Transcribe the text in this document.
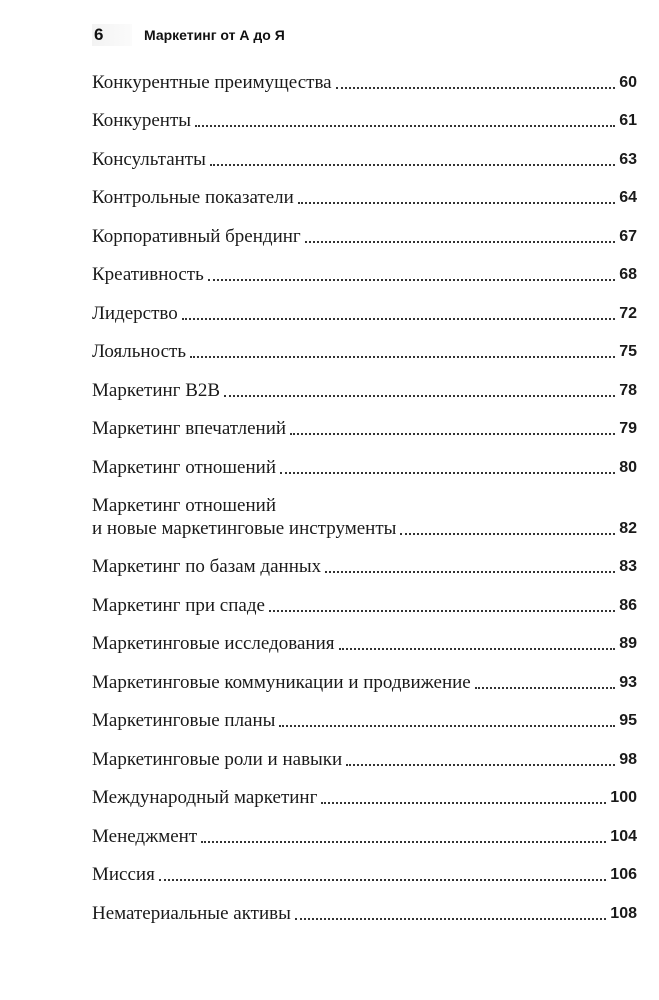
6	Маркетинг от А до Я
Конкурентные преимущества	60
Конкуренты	61
Консультанты	63
Контрольные показатели	64
Корпоративный брендинг	67
Креативность	68
Лидерство	72
Лояльность	75
Маркетинг B2B	78
Маркетинг впечатлений	79
Маркетинг отношений	80
Маркетинг отношений
и новые маркетинговые инструменты	82
Маркетинг по базам данных	83
Маркетинг при спаде	86
Маркетинговые исследования	89
Маркетинговые коммуникации и продвижение	93
Маркетинговые планы	95
Маркетинговые роли и навыки	98
Международный маркетинг	100
Менеджмент	104
Миссия	106
Нематериальные активы	108
